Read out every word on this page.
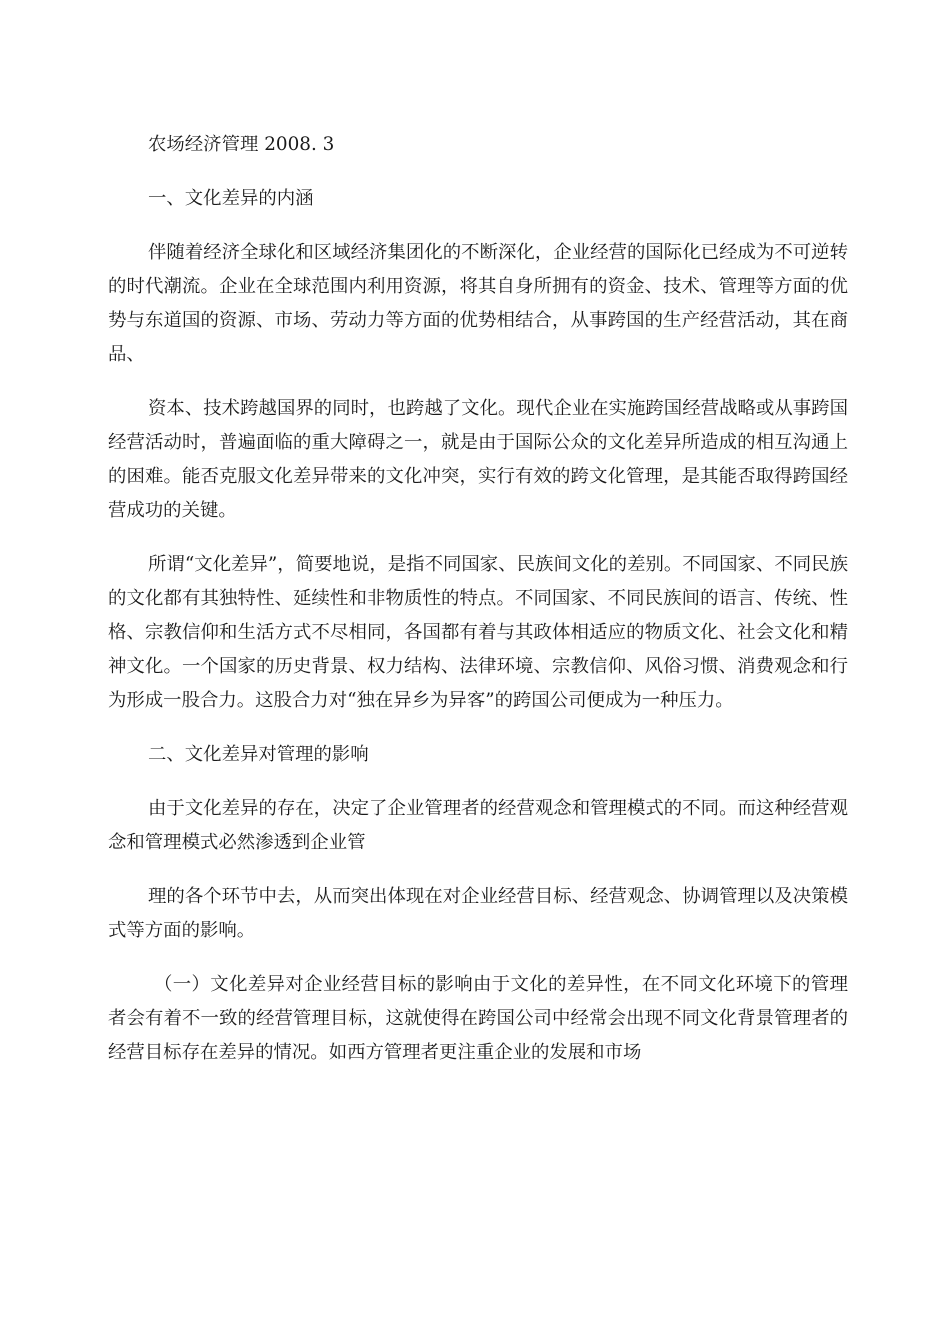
农场经济管理 2008. 3

一、文化差异的内涵

伴随着经济全球化和区域经济集团化的不断深化，企业经营的国际化已经成为不可逆转的时代潮流。企业在全球范围内利用资源，将其自身所拥有的资金、技术、管理等方面的优势与东道国的资源、市场、劳动力等方面的优势相结合，从事跨国的生产经营活动，其在商品、

资本、技术跨越国界的同时，也跨越了文化。现代企业在实施跨国经营战略或从事跨国经营活动时，普遍面临的重大障碍之一，就是由于国际公众的文化差异所造成的相互沟通上的困难。能否克服文化差异带来的文化冲突，实行有效的跨文化管理，是其能否取得跨国经营成功的关键。

所谓“文化差异”，简要地说，是指不同国家、民族间文化的差别。不同国家、不同民族的文化都有其独特性、延续性和非物质性的特点。不同国家、不同民族间的语言、传统、性格、宗教信仰和生活方式不尽相同，各国都有着与其政体相适应的物质文化、社会文化和精神文化。一个国家的历史背景、权力结构、法律环境、宗教信仰、风俗习惯、消费观念和行为形成一股合力。这股合力对“独在异乡为异客”的跨国公司便成为一种压力。

二、文化差异对管理的影响

由于文化差异的存在，决定了企业管理者的经营观念和管理模式的不同。而这种经营观念和管理模式必然渗透到企业管

理的各个环节中去，从而突出体现在对企业经营目标、经营观念、协调管理以及决策模式等方面的影响。

（一）文化差异对企业经营目标的影响由于文化的差异性，在不同文化环境下的管理者会有着不一致的经营管理目标，这就使得在跨国公司中经常会出现不同文化背景管理者的经营目标存在差异的情况。如西方管理者更注重企业的发展和市场
